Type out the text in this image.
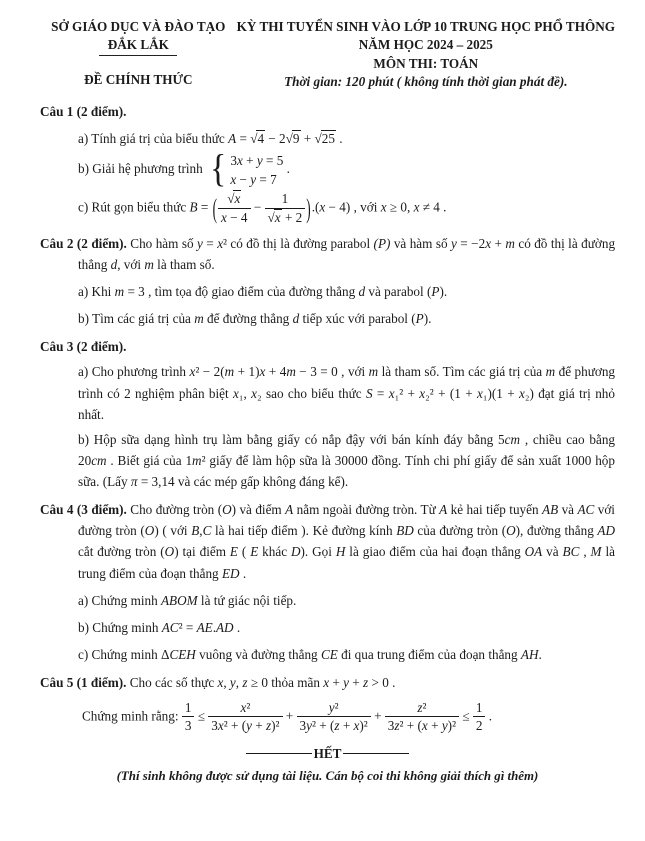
SỞ GIÁO DỤC VÀ ĐÀO TẠO
ĐẮK LẮK
ĐỀ CHÍNH THỨC
KỲ THI TUYỂN SINH VÀO LỚP 10 TRUNG HỌC PHỔ THÔNG
NĂM HỌC 2024 – 2025
MÔN THI: TOÁN
Thời gian: 120 phút ( không tính thời gian phát đề).
Câu 1 (2 điểm).
a) Tính giá trị của biểu thức A = √4 − 2√9 + √25 .
b) Giải hệ phương trình { 3x + y = 5
x − y = 7
.
c) Rút gọn biểu thức B = ( $\frac{√x}{x - 4} - \frac{1}{√x + 2} ).(x - 4)$ , với x ≥ 0, x ≠ 4 .
Câu 2 (2 điểm). Cho hàm số y = x² có đồ thị là đường parabol (P) và hàm số y = −2x + m có đồ thị là đường thẳng d, với m là tham số.
a) Khi m = 3 , tìm tọa độ giao điểm của đường thẳng d và parabol (P).
b) Tìm các giá trị của m để đường thẳng d tiếp xúc với parabol (P).
Câu 3 (2 điểm).
a) Cho phương trình x² − 2(m + 1)x + 4m − 3 = 0 , với m là tham số. Tìm các giá trị của m để phương trình có 2 nghiệm phân biệt x₁, x₂ sao cho biểu thức S = x₁² + x₂² + (1 + x₁)(1 + x₂) đạt giá trị nhỏ nhất.
b) Hộp sữa dạng hình trụ làm bằng giấy có nắp đậy với bán kính đáy bằng 5cm , chiều cao bằng 20cm . Biết giá của 1m² giấy để làm hộp sữa là 30000 đồng. Tính chi phí giấy để sản xuất 1000 hộp sữa. (Lấy π = 3,14 và các mép gấp không đáng kể).
Câu 4 (3 điểm). Cho đường tròn (O) và điểm A nằm ngoài đường tròn. Từ A kẻ hai tiếp tuyến AB và AC với đường tròn (O) ( với B,C là hai tiếp điểm ). Kẻ đường kính BD của đường tròn (O), đường thẳng AD cắt đường tròn (O) tại điểm E ( E khác D). Gọi H là giao điểm của hai đoạn thẳng OA và BC , M là trung điểm của đoạn thẳng ED .
a) Chứng minh ABOM là tứ giác nội tiếp.
b) Chứng minh AC² = AE.AD .
c) Chứng minh ΔCEH vuông và đường thẳng CE đi qua trung điểm của đoạn thẳng AH.
Câu 5 (1 điểm). Cho các số thực x, y, z ≥ 0 thỏa mãn x + y + z > 0 .
Chứng minh rằng: $\frac{1}{3} \le \frac{\text{x²}}{\text{3x² + (y + z)²}} + \frac{\text{y²}}{\text{3y² + (z + x)²}} + \frac{\text{z²}}{\text{3z² + (x + y)²}} \le \frac{1}{2}$ .
HẾT
(Thí sinh không được sử dụng tài liệu. Cán bộ coi thi không giải thích gì thêm)
